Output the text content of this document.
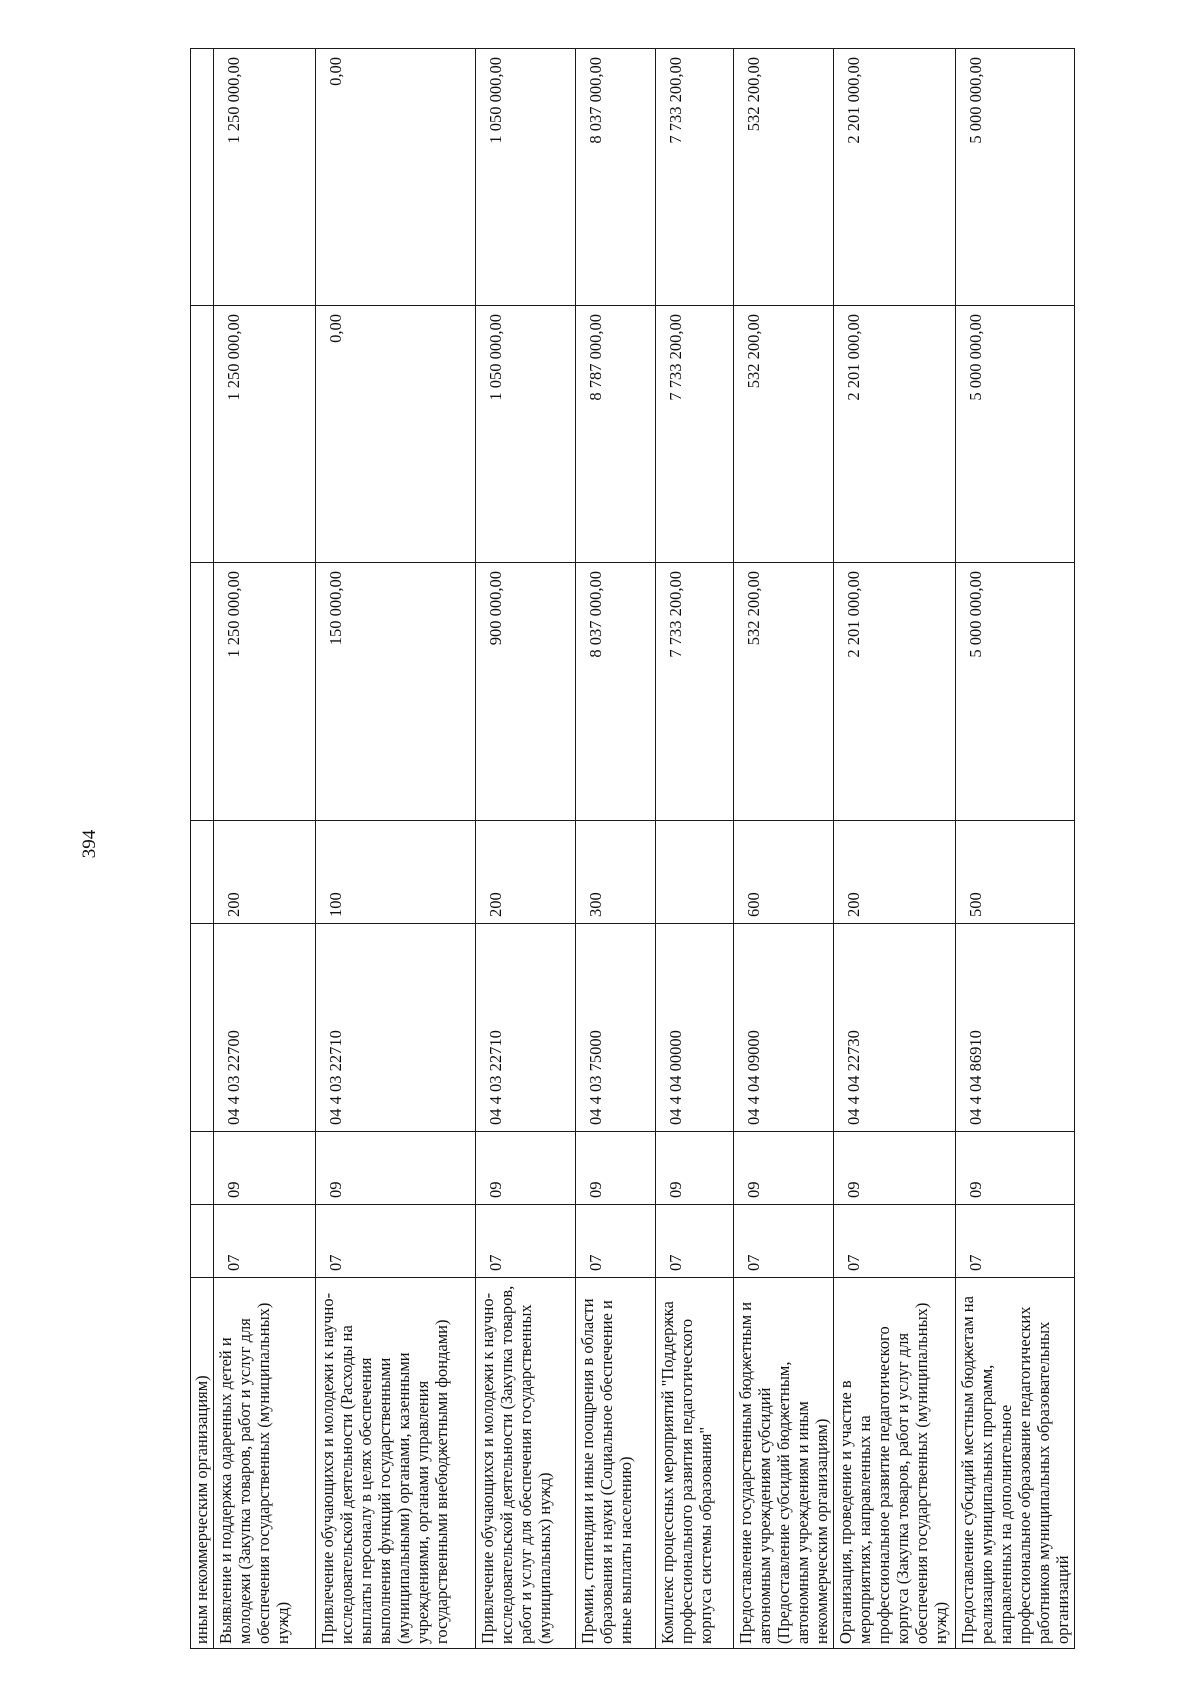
394
иным некоммерческим организациям)							
Выявление и поддержка одаренных детей и молодежи (Закупка товаров, работ и услуг для обеспечения государственных (муниципальных) нужд)	07	09	04 4 03 22700	200	1 250 000,00	1 250 000,00	1 250 000,00
Привлечение обучающихся и молодежи к научно-исследовательской деятельности (Расходы на выплаты персоналу в целях обеспечения выполнения функций государственными (муниципальными) органами, казенными учреждениями, органами управления государственными внебюджетными фондами)	07	09	04 4 03 22710	100	150 000,00	0,00	0,00
Привлечение обучающихся и молодежи к научно-исследовательской деятельности (Закупка товаров, работ и услуг для обеспечения государственных (муниципальных) нужд)	07	09	04 4 03 22710	200	900 000,00	1 050 000,00	1 050 000,00
Премии, стипендии и иные поощрения в области образования и науки (Социальное обеспечение и иные выплаты населению)	07	09	04 4 03 75000	300	8 037 000,00	8 787 000,00	8 037 000,00
Комплекс процессных мероприятий "Поддержка профессионального развития педагогического корпуса системы образования"	07	09	04 4 04 00000		7 733 200,00	7 733 200,00	7 733 200,00
Предоставление государственным бюджетным и автономным учреждениям субсидий (Предоставление субсидий бюджетным, автономным учреждениям и иным некоммерческим организациям)	07	09	04 4 04 09000	600	532 200,00	532 200,00	532 200,00
Организация, проведение и участие в мероприятиях, направленных на профессиональное развитие педагогического корпуса (Закупка товаров, работ и услуг для обеспечения государственных (муниципальных) нужд)	07	09	04 4 04 22730	200	2 201 000,00	2 201 000,00	2 201 000,00
Предоставление субсидий местным бюджетам на реализацию муниципальных программ, направленных на дополнительное профессиональное образование педагогических работников муниципальных образовательных организаций	07	09	04 4 04 86910	500	5 000 000,00	5 000 000,00	5 000 000,00
